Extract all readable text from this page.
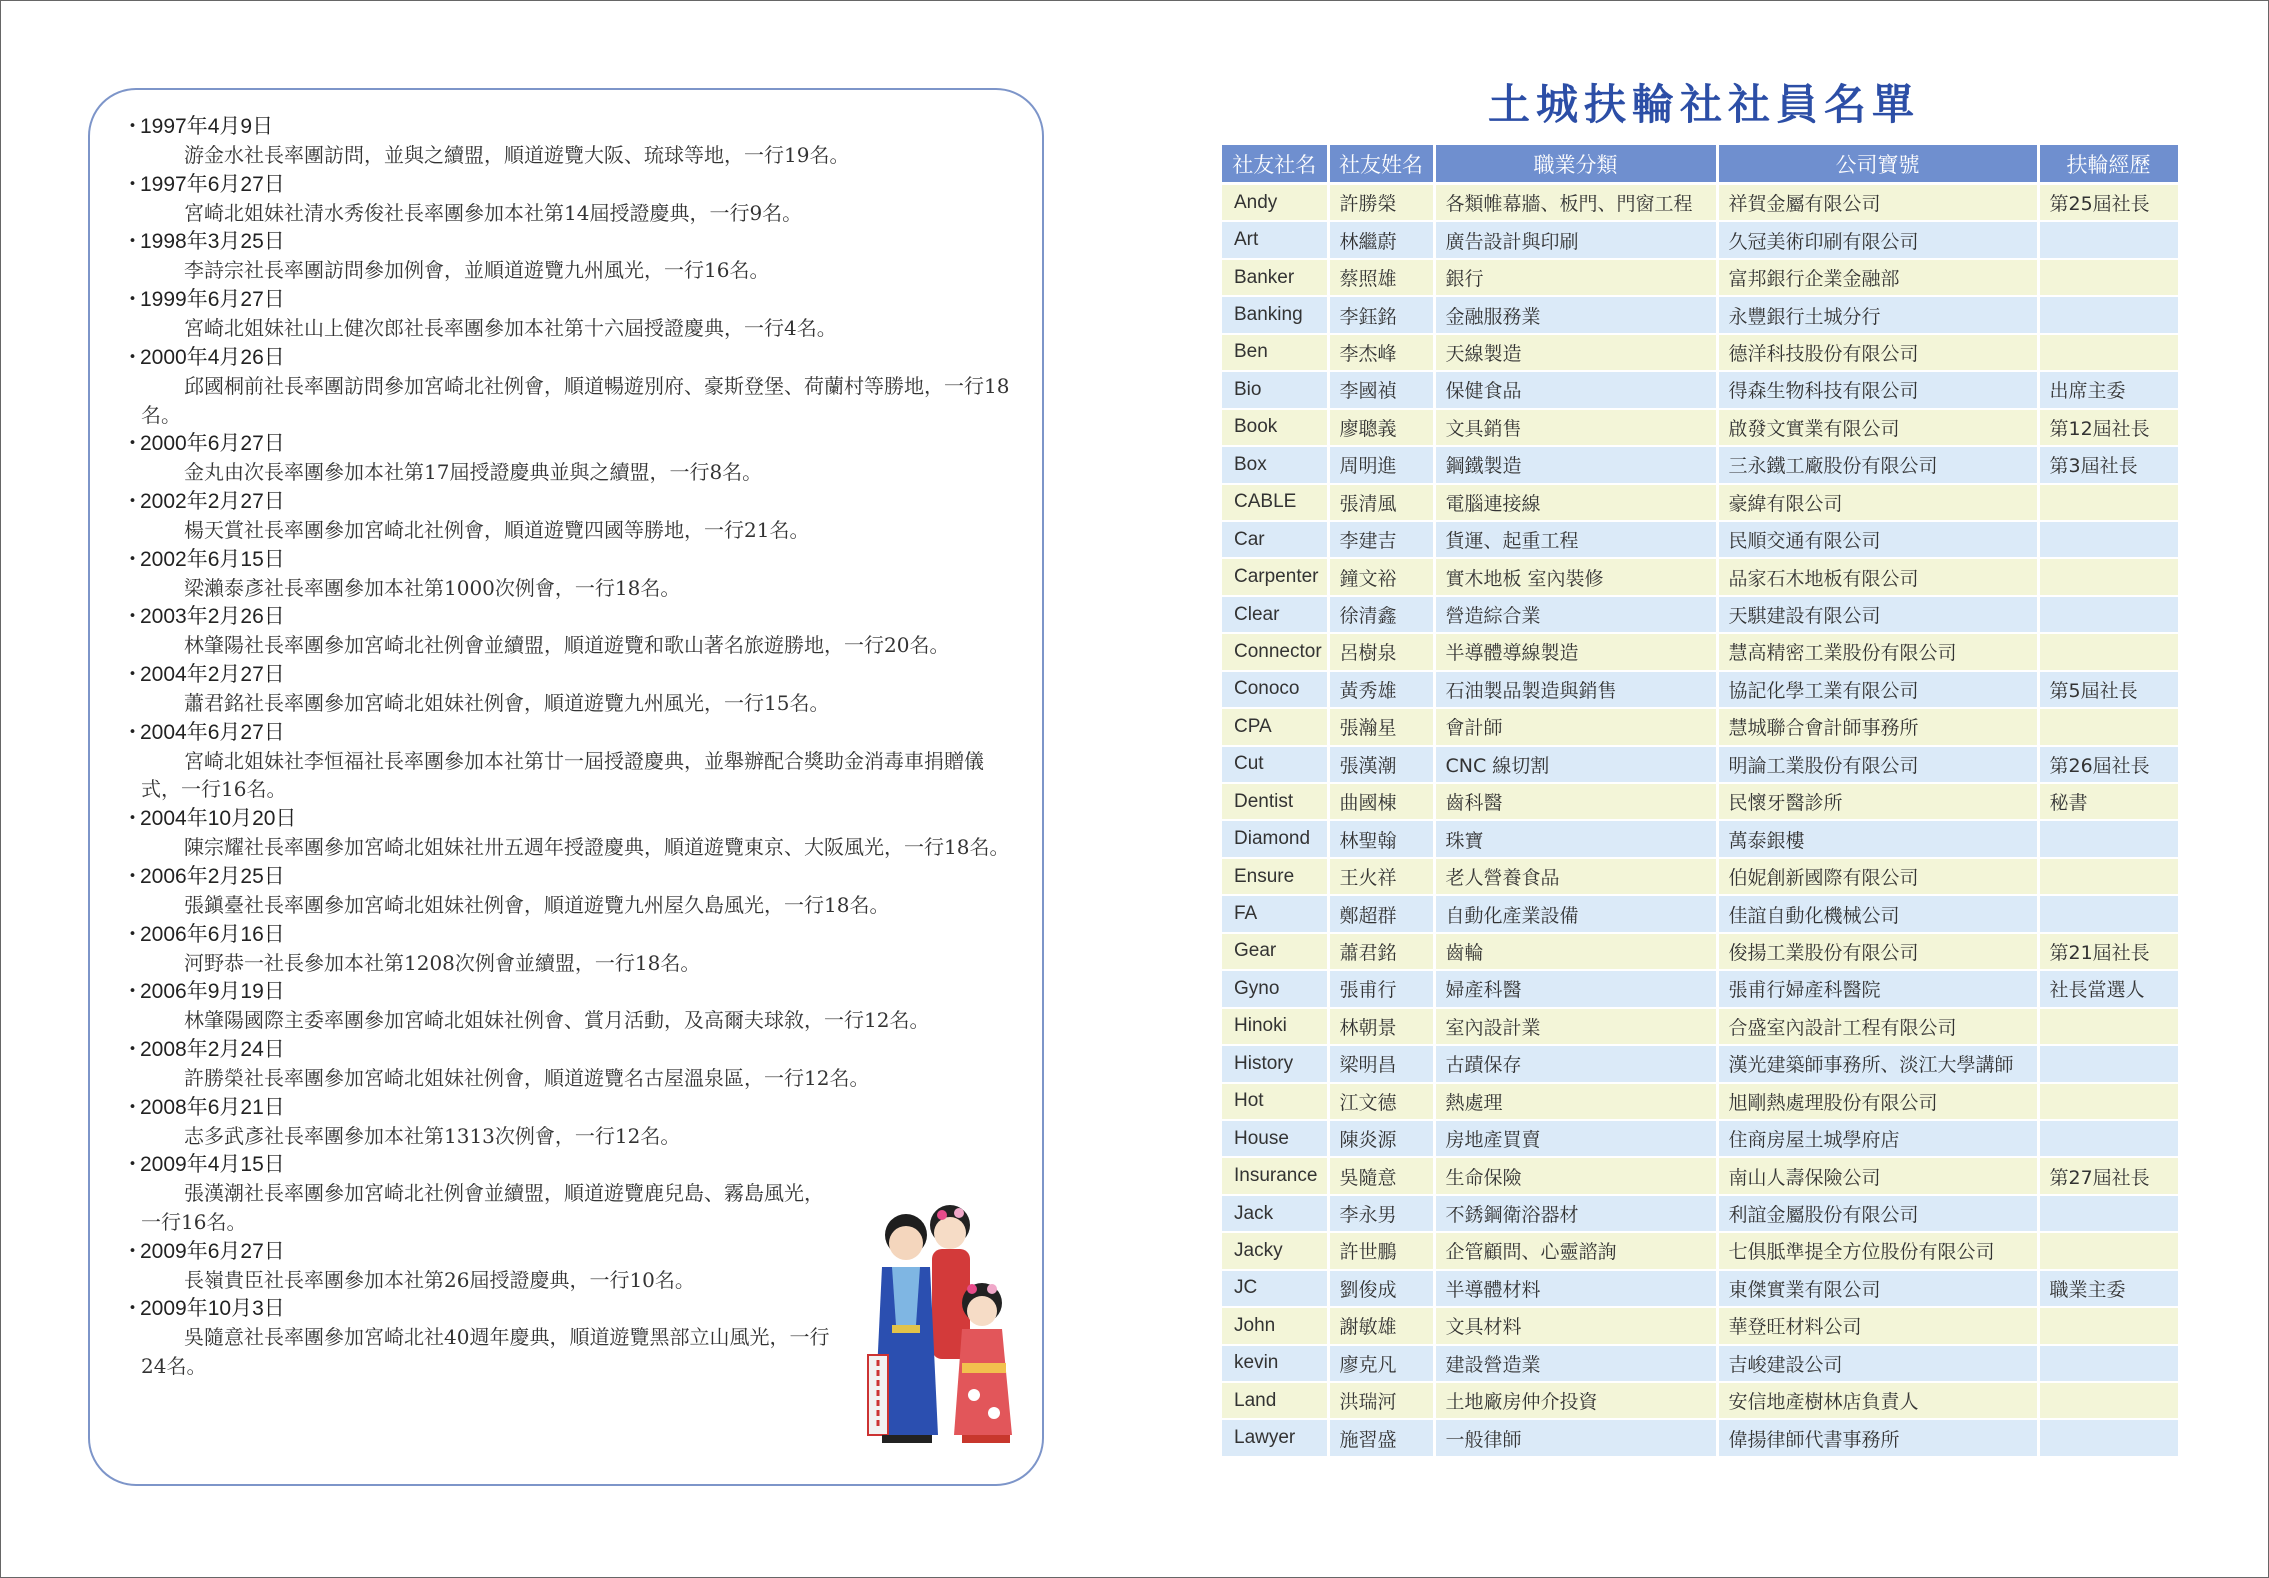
・1997年4月9日
游金水社長率團訪問，並與之續盟，順道遊覽大阪、琉球等地，一行19名。
・1997年6月27日
宮崎北姐妹社清水秀俊社長率團參加本社第14屆授證慶典，一行9名。
・1998年3月25日
李詩宗社長率團訪問參加例會，並順道遊覽九州風光，一行16名。
・1999年6月27日
宮崎北姐妹社山上健次郎社長率團參加本社第十六屆授證慶典，一行4名。
・2000年4月26日
邱國桐前社長率團訪問參加宮崎北社例會，順道暢遊別府、豪斯登堡、荷蘭村等勝地，一行18名。
・2000年6月27日
金丸由次長率團參加本社第17屆授證慶典並與之續盟，一行8名。
・2002年2月27日
楊天賞社長率團參加宮崎北社例會，順道遊覽四國等勝地，一行21名。
・2002年6月15日
梁瀨泰彥社長率團參加本社第1000次例會，一行18名。
・2003年2月26日
林肇陽社長率團參加宮崎北社例會並續盟，順道遊覽和歌山著名旅遊勝地，一行20名。
・2004年2月27日
蕭君銘社長率團參加宮崎北姐妹社例會，順道遊覽九州風光，一行15名。
・2004年6月27日
宮崎北姐妹社李恒福社長率團參加本社第廿一屆授證慶典，並舉辦配合獎助金消毒車捐贈儀式，一行16名。
・2004年10月20日
陳宗耀社長率團參加宮崎北姐妹社卅五週年授證慶典，順道遊覽東京、大阪風光，一行18名。
・2006年2月25日
張鎭臺社長率團參加宮崎北姐妹社例會，順道遊覽九州屋久島風光，一行18名。
・2006年6月16日
河野恭一社長參加本社第1208次例會並續盟，一行18名。
・2006年9月19日
林肇陽國際主委率團參加宮崎北姐妹社例會、賞月活動，及高爾夫球敘，一行12名。
・2008年2月24日
許勝榮社長率團參加宮崎北姐妹社例會，順道遊覽名古屋溫泉區，一行12名。
・2008年6月21日
志多武彥社長率團參加本社第1313次例會，一行12名。
・2009年4月15日
張漢潮社長率團參加宮崎北社例會並續盟，順道遊覽鹿兒島、霧島風光，一行16名。
・2009年6月27日
長嶺貴臣社長率團參加本社第26屆授證慶典，一行10名。
・2009年10月3日
吳隨意社長率團參加宮崎北社40週年慶典，順道遊覽黑部立山風光，一行24名。
土城扶輪社社員名單
社友社名	社友姓名	職業分類	公司寶號	扶輪經歷
Andy	許勝榮	各類帷幕牆、板門、門窗工程	祥賀金屬有限公司	第25屆社長
Art	林繼蔚	廣告設計與印刷	久冠美術印刷有限公司	
Banker	蔡照雄	銀行	富邦銀行企業金融部	
Banking	李鈺銘	金融服務業	永豐銀行土城分行	
Ben	李杰峰	天線製造	德洋科技股份有限公司	
Bio	李國禎	保健食品	得森生物科技有限公司	出席主委
Book	廖聰義	文具銷售	啟發文實業有限公司	第12屆社長
Box	周明進	鋼鐵製造	三永鐵工廠股份有限公司	第3屆社長
CABLE	張清風	電腦連接線	豪緯有限公司	
Car	李建吉	貨運、起重工程	民順交通有限公司	
Carpenter	鐘文裕	實木地板 室內裝修	品家石木地板有限公司	
Clear	徐清鑫	營造綜合業	天騏建設有限公司	
Connector	呂樹泉	半導體導線製造	慧高精密工業股份有限公司	
Conoco	黃秀雄	石油製品製造與銷售	協記化學工業有限公司	第5屆社長
CPA	張瀚星	會計師	慧城聯合會計師事務所	
Cut	張漢潮	CNC 線切割	明論工業股份有限公司	第26屆社長
Dentist	曲國棟	齒科醫	民懷牙醫診所	秘書
Diamond	林聖翰	珠寶	萬泰銀樓	
Ensure	王火祥	老人營養食品	伯妮創新國際有限公司	
FA	鄭超群	自動化產業設備	佳誼自動化機械公司	
Gear	蕭君銘	齒輪	俊揚工業股份有限公司	第21屆社長
Gyno	張甫行	婦產科醫	張甫行婦產科醫院	社長當選人
Hinoki	林朝景	室內設計業	合盛室內設計工程有限公司	
History	梁明昌	古蹟保存	漢光建築師事務所、淡江大學講師	
Hot	江文德	熱處理	旭剛熱處理股份有限公司	
House	陳炎源	房地產買賣	住商房屋土城學府店	
Insurance	吳隨意	生命保險	南山人壽保險公司	第27屆社長
Jack	李永男	不銹鋼衛浴器材	利誼金屬股份有限公司	
Jacky	許世鵬	企管顧問、心靈諮詢	七俱胝準提全方位股份有限公司	
JC	劉俊成	半導體材料	東傑實業有限公司	職業主委
John	謝敏雄	文具材料	華登旺材料公司	
kevin	廖克凡	建設營造業	吉峻建設公司	
Land	洪瑞河	土地廠房仲介投資	安信地產樹林店負責人	
Lawyer	施習盛	一般律師	偉揚律師代書事務所	
